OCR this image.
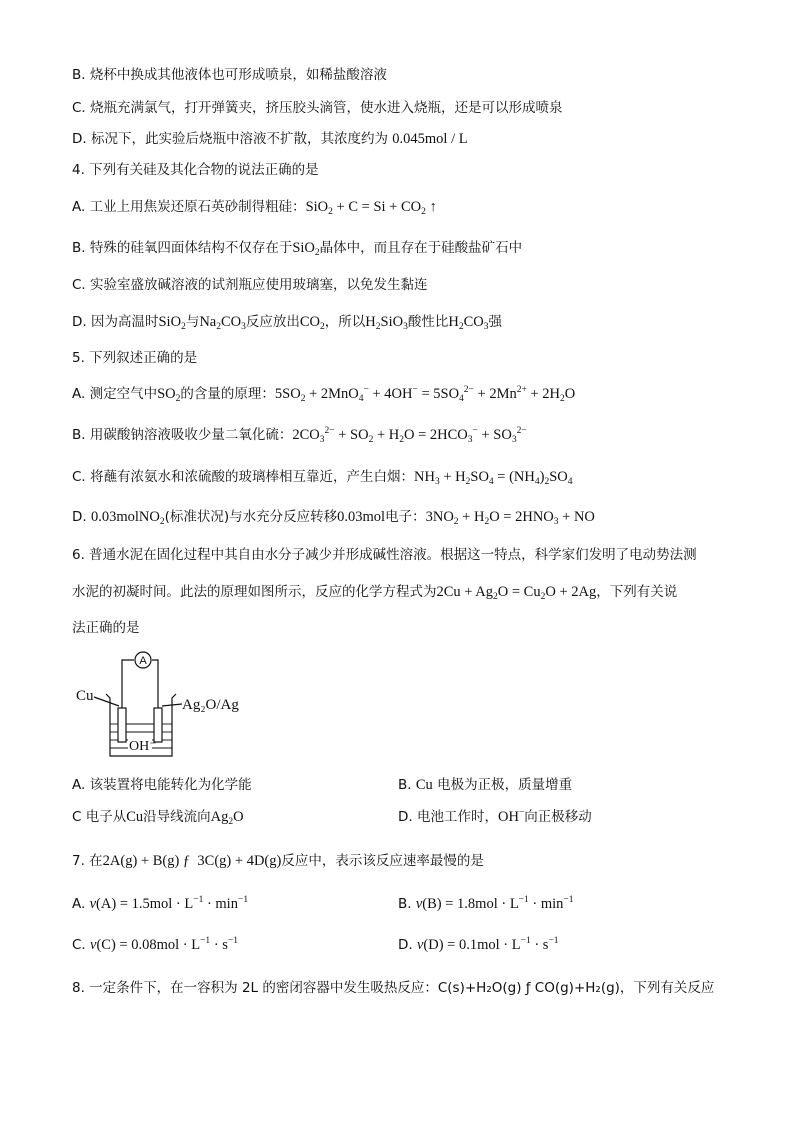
B. 烧杯中换成其他液体也可形成喷泉，如稀盐酸溶液
C. 烧瓶充满氯气，打开弹簧夹，挤压胶头滴管，使水进入烧瓶，还是可以形成喷泉
D. 标况下，此实验后烧瓶中溶液不扩散，其浓度约为 0.045mol / L
4. 下列有关硅及其化合物的说法正确的是
A. 工业上用焦炭还原石英砂制得粗硅：$SiO_2 + C = Si + CO_2$ ↑
B. 特殊的硅氧四面体结构不仅存在于SiO$_2$晶体中，而且存在于硅酸盐矿石中
C. 实验室盛放碱溶液的试剂瓶应使用玻璃塞，以免发生黏连
D. 因为高温时SiO$_2$与$Na_2CO_3$反应放出$CO_2$，所以$H_2SiO_3$酸性比$H_2CO_3$强
5. 下列叙述正确的是
A. 测定空气中$SO_2$的含量的原理：$5SO_2 + 2MnO_4^- + 4OH^- = 5SO_4^{2-} + 2Mn^{2+} + 2H_2O$
B. 用碳酸钠溶液吸收少量二氧化硫：$2CO_3^{2-} + SO_2 + H_2O = 2HCO_3^- + SO_3^{2-}$
C. 将蘸有浓氨水和浓硫酸的玻璃棒相互靠近，产生白烟：$NH_3 + H_2SO_4 = (NH_4)_2SO_4$
D. 0.03molNO$_2$(标准状况)与水充分反应转移0.03mol电子：$3NO_2 + H_2O = 2HNO_3$ + NO
6. 普通水泥在固化过程中其自由水分子减少并形成碱性溶液。根据这一特点，科学家们发明了电动势法测
水泥的初凝时间。此法的原理如图所示，反应的化学方程式为$2Cu + Ag_2O = Cu_2O + 2Ag$，下列有关说
法正确的是
A
Cu
Ag₂O/Ag
OH⁻
A. 该装置将电能转化为化学能	B. Cu 电极为正极，质量增重
C 电子从Cu沿导线流向$Ag_2O$	D. 电池工作时，OH−向正极移动
7. 在2A(g) + B(g) ƒ  3C(g) + 4D(g)反应中，表示该反应速率最慢的是
A. $v(A) = 1.5mol \cdot L^{-1} \cdot \min^{-1}$	B. $v(B) = 1.8mol \cdot L^{-1} \cdot \min^{-1}$
C. $v(C) = 0.08mol \cdot L^{-1} \cdot s^{-1}$	D. $v(D) = 0.1mol \cdot L^{-1} \cdot s^{-1}$
8. 一定条件下，在一容积为 2L 的密闭容器中发生吸热反应：C(s)+H₂O(g) ƒ CO(g)+H₂(g)，下列有关反应
